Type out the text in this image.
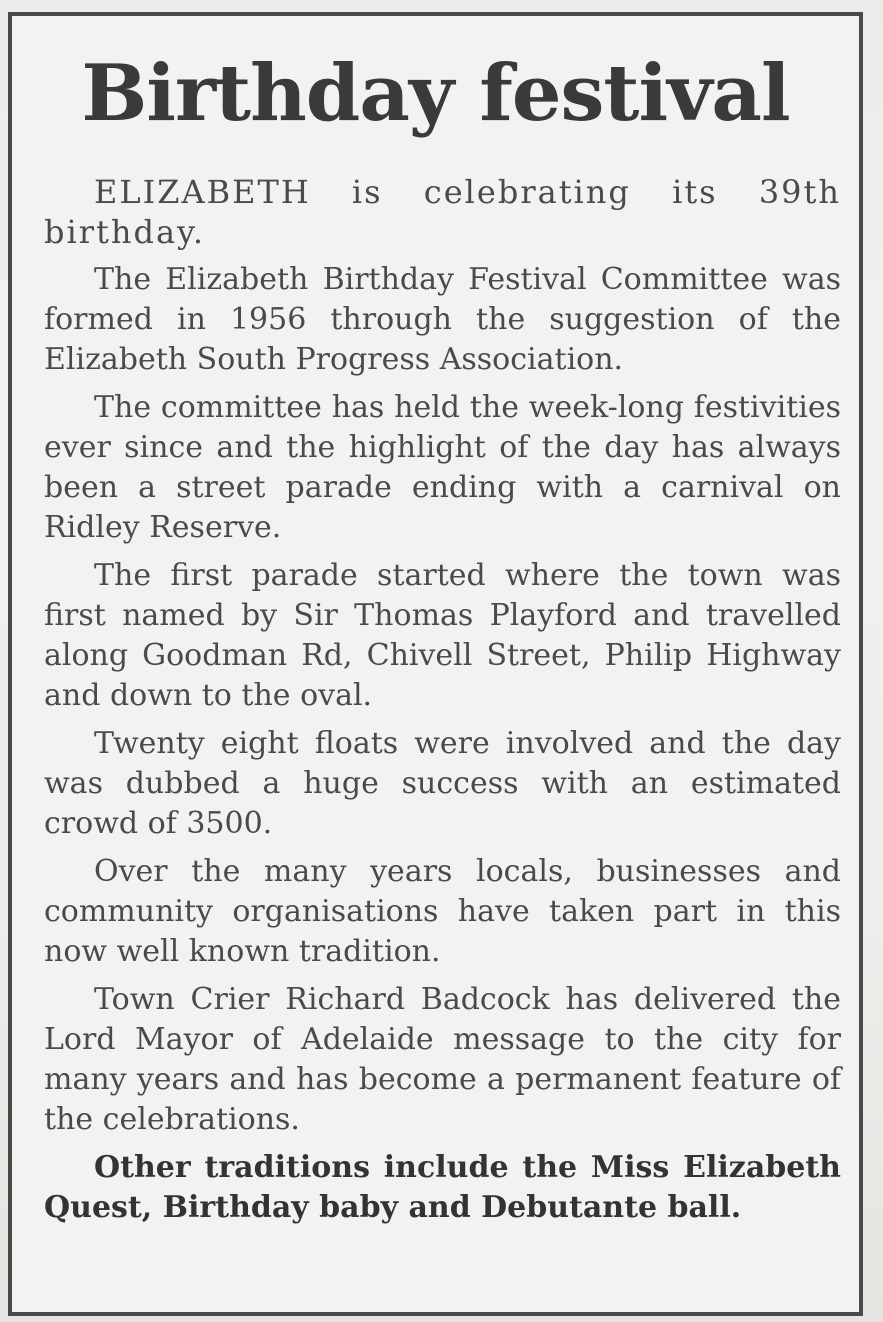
Birthday festival

ELIZABETH is celebrating its 39th birthday.

The Elizabeth Birthday Festival Committee was formed in 1956 through the suggestion of the Elizabeth South Progress Association.

The committee has held the week-long festivities ever since and the highlight of the day has always been a street parade ending with a carnival on Ridley Reserve.

The first parade started where the town was first named by Sir Thomas Playford and travelled along Goodman Rd, Chivell Street, Philip Highway and down to the oval.

Twenty eight floats were involved and the day was dubbed a huge success with an estimated crowd of 3500.

Over the many years locals, businesses and community organisations have taken part in this now well known tradition.

Town Crier Richard Badcock has delivered the Lord Mayor of Adelaide message to the city for many years and has become a permanent feature of the celebrations.

Other traditions include the Miss Elizabeth Quest, Birthday baby and Debutante ball.
